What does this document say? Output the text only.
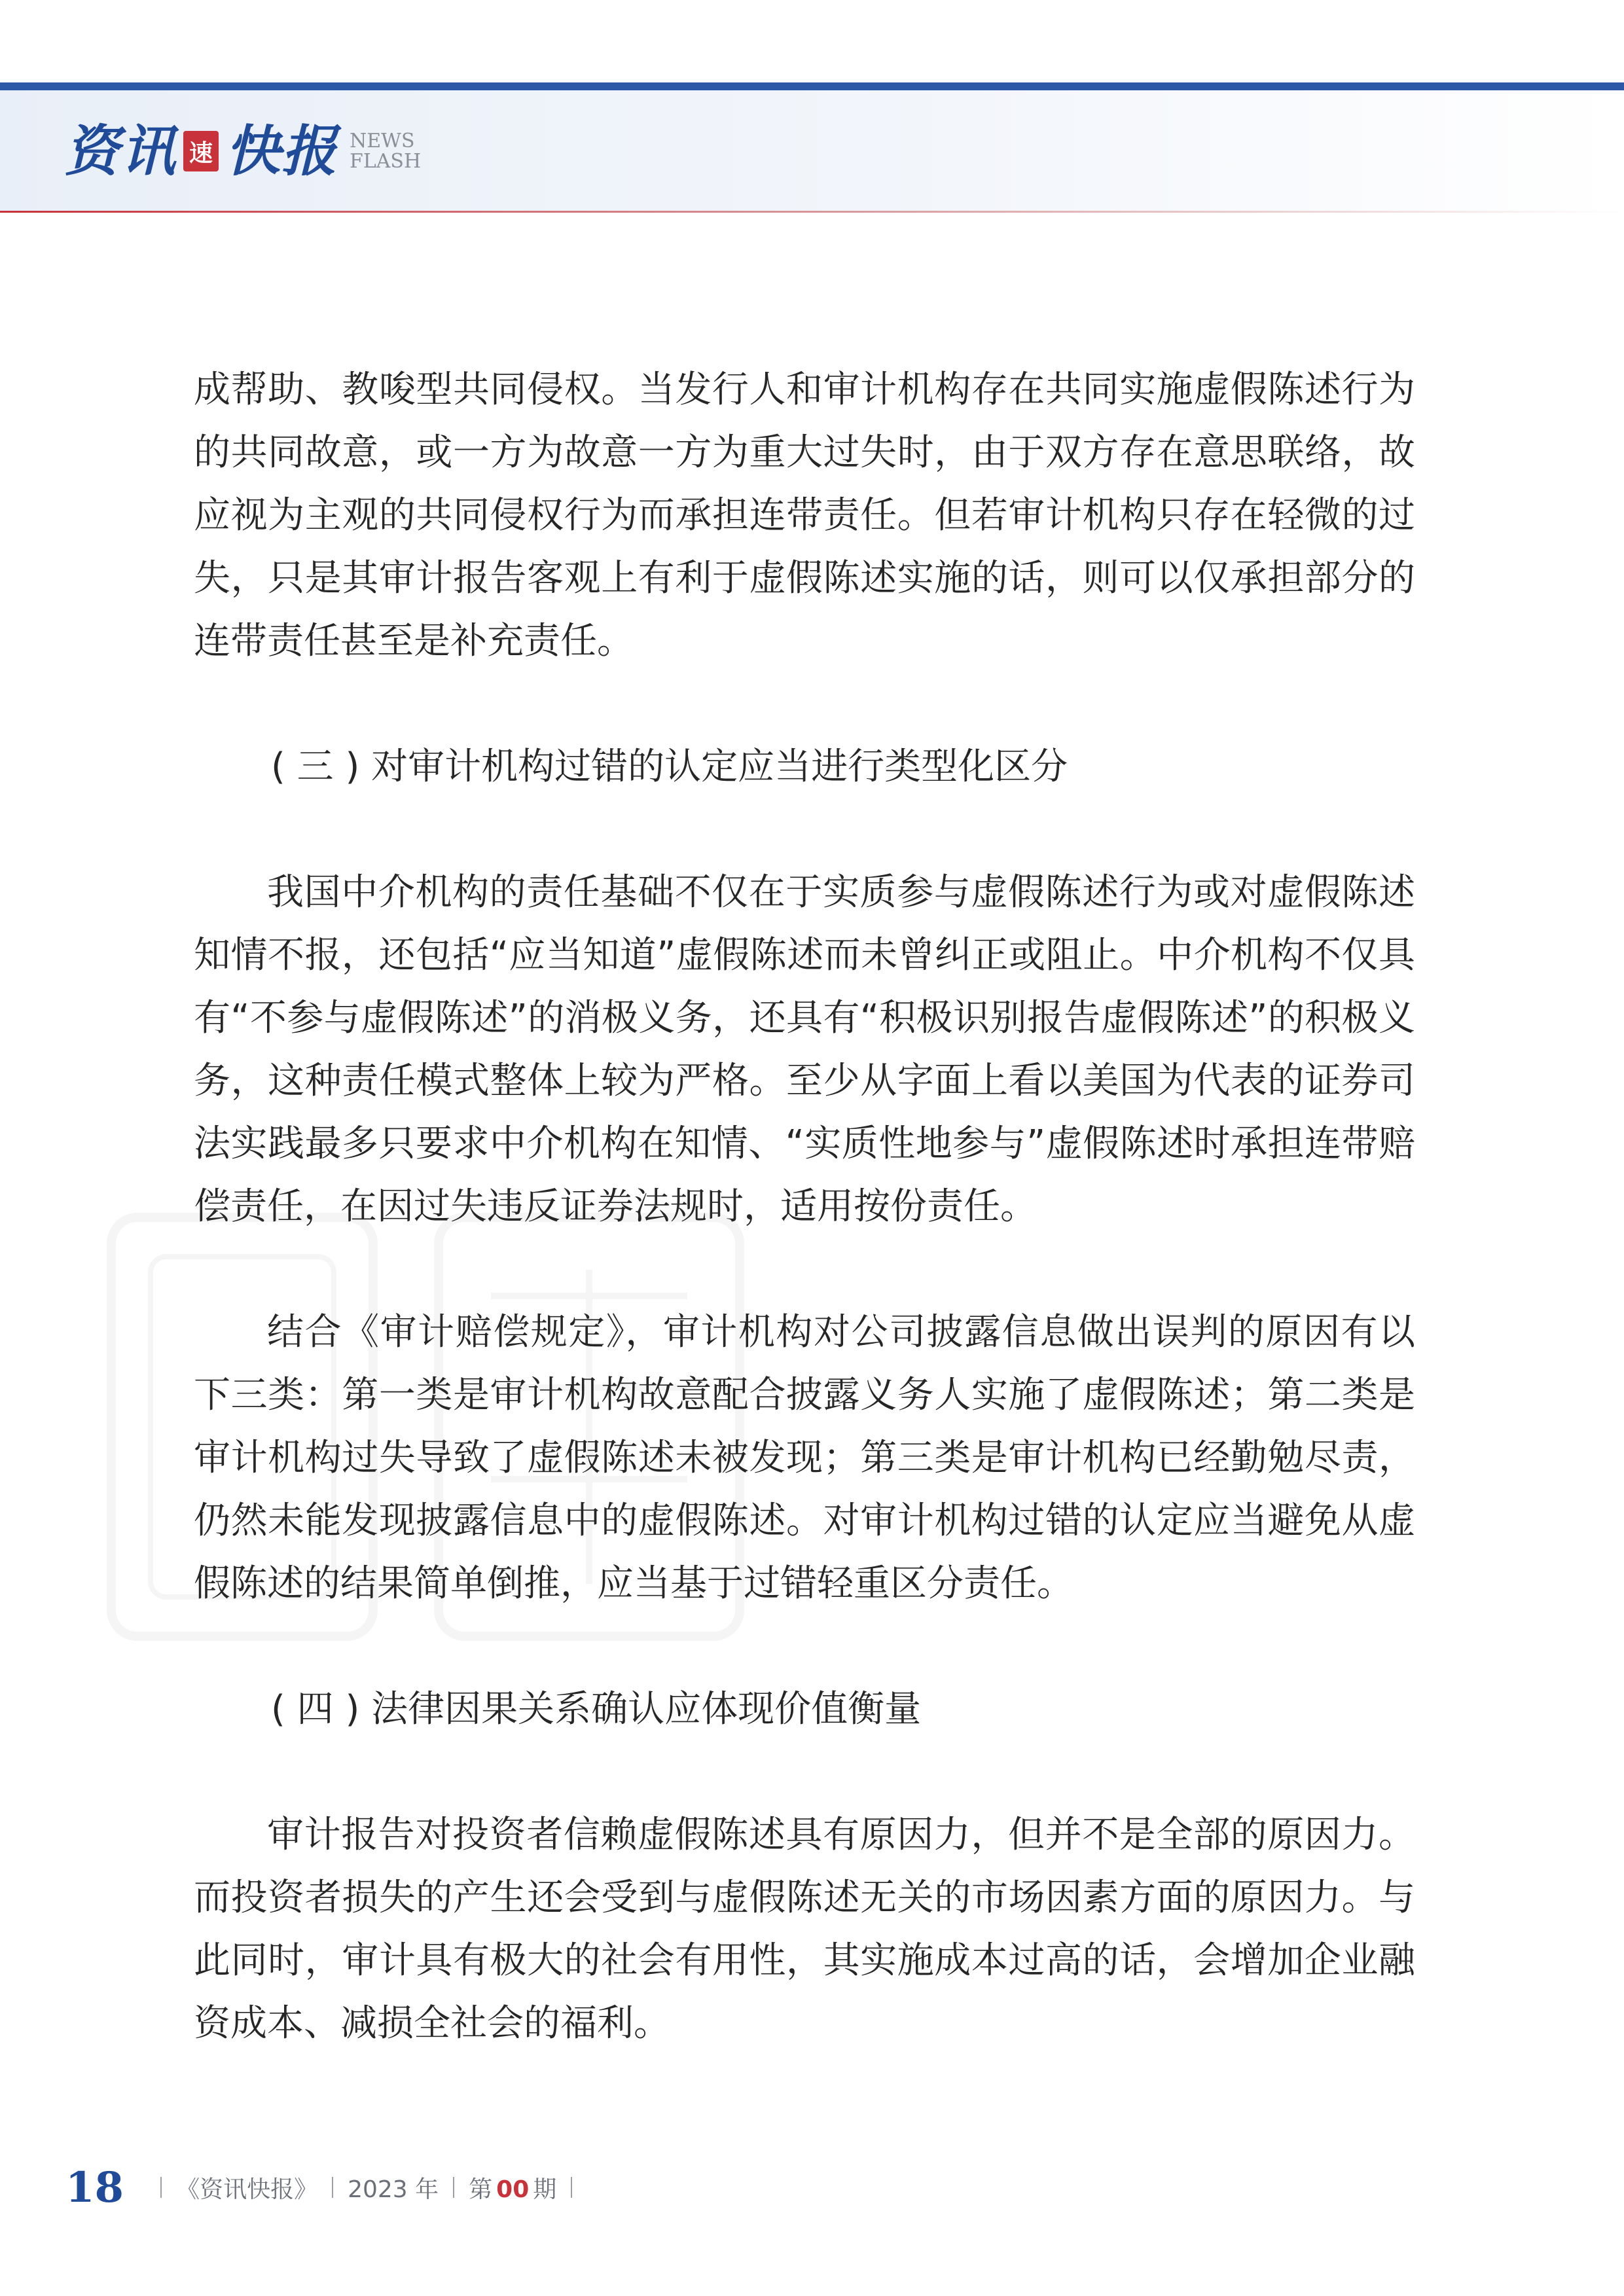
资讯 速 快报 NEWS
FLASH

成帮助、教唆型共同侵权。当发行人和审计机构存在共同实施虚假陈述行为的共同故意，或一方为故意一方为重大过失时，由于双方存在意思联络，故应视为主观的共同侵权行为而承担连带责任。但若审计机构只存在轻微的过失，只是其审计报告客观上有利于虚假陈述实施的话，则可以仅承担部分的连带责任甚至是补充责任。

( 三 ) 对审计机构过错的认定应当进行类型化区分

我国中介机构的责任基础不仅在于实质参与虚假陈述行为或对虚假陈述知情不报，还包括“应当知道”虚假陈述而未曾纠正或阻止。中介机构不仅具有“不参与虚假陈述”的消极义务，还具有“积极识别报告虚假陈述”的积极义务，这种责任模式整体上较为严格。至少从字面上看以美国为代表的证券司法实践最多只要求中介机构在知情、“实质性地参与”虚假陈述时承担连带赔偿责任，在因过失违反证券法规时，适用按份责任。

结合《审计赔偿规定》，审计机构对公司披露信息做出误判的原因有以下三类：第一类是审计机构故意配合披露义务人实施了虚假陈述；第二类是审计机构过失导致了虚假陈述未被发现；第三类是审计机构已经勤勉尽责，仍然未能发现披露信息中的虚假陈述。对审计机构过错的认定应当避免从虚假陈述的结果简单倒推，应当基于过错轻重区分责任。

( 四 ) 法律因果关系确认应体现价值衡量

审计报告对投资者信赖虚假陈述具有原因力，但并不是全部的原因力。而投资者损失的产生还会受到与虚假陈述无关的市场因素方面的原因力。与此同时，审计具有极大的社会有用性，其实施成本过高的话，会增加企业融资成本、减损全社会的福利。

18 《资讯快报》 2023 年 第 00 期
